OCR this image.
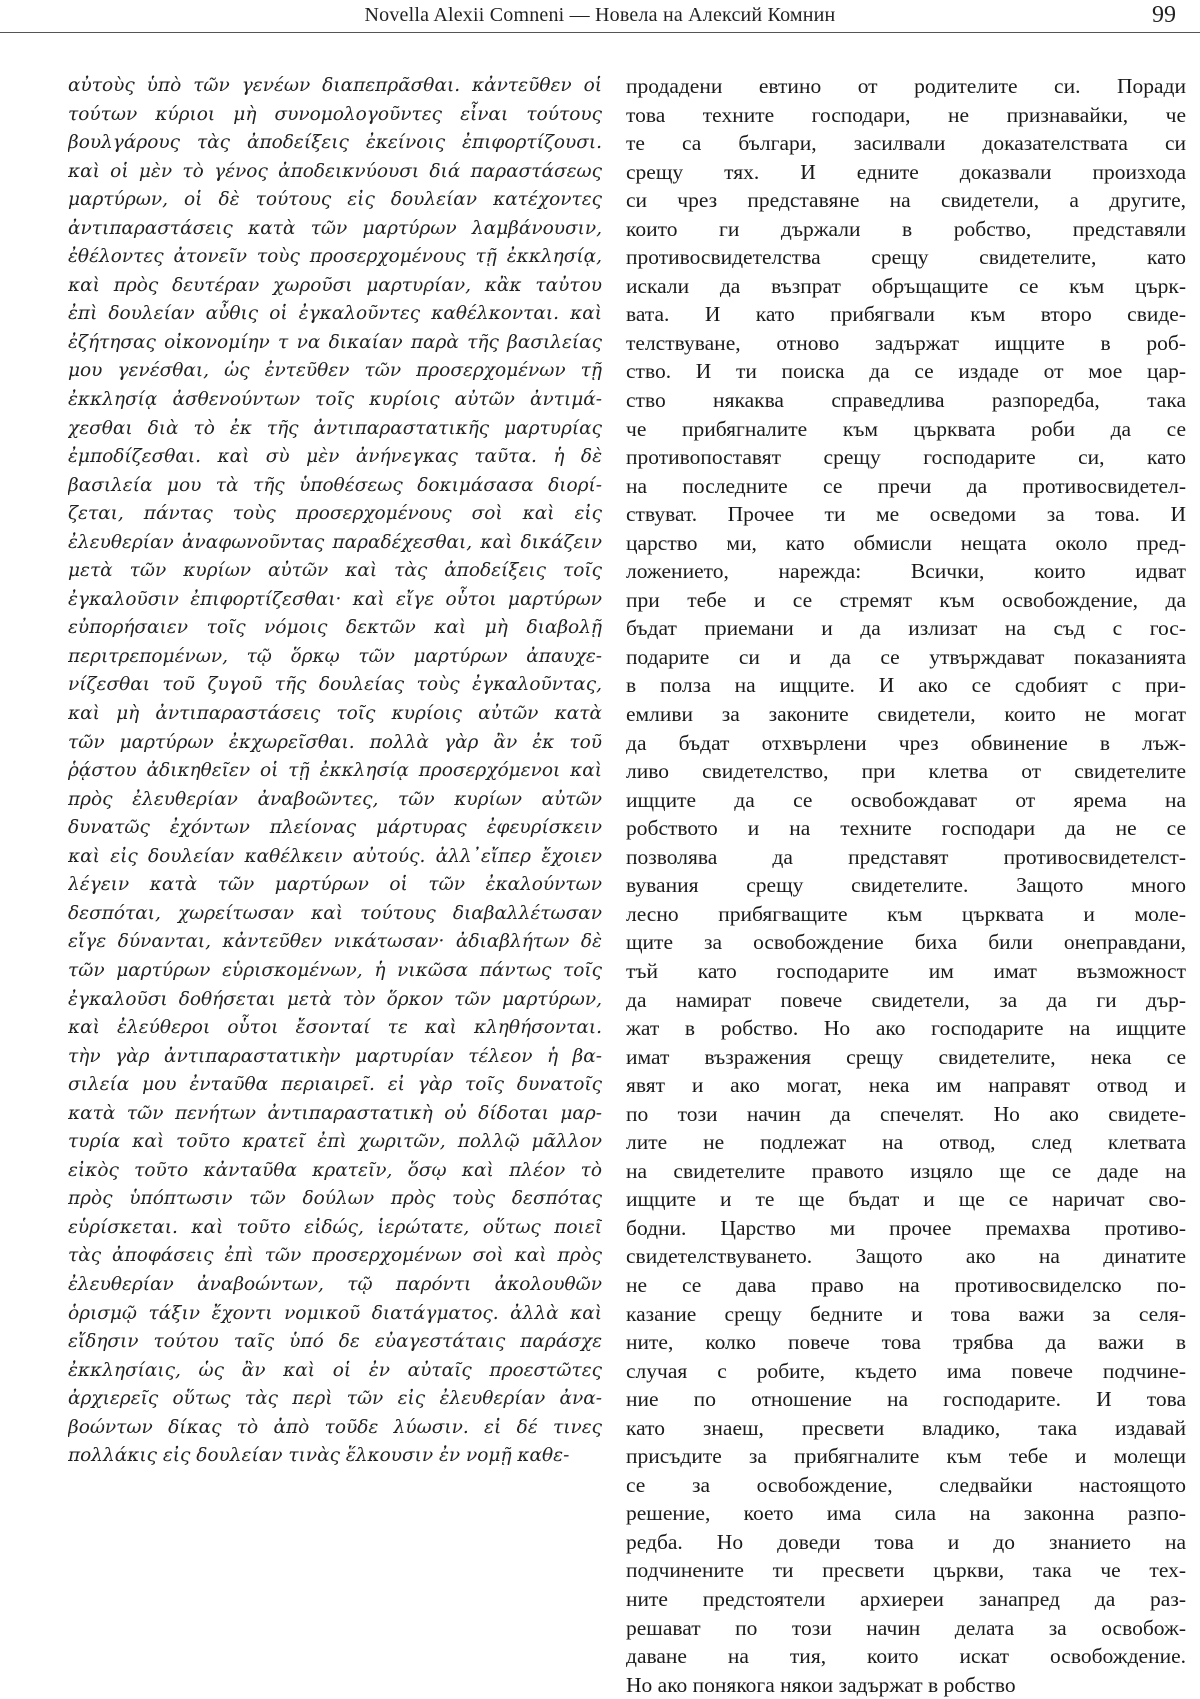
Novella Alexii Comneni — Новела на Алексий Комнин	99
αὐτοὺς ὑπὸ τῶν γενέων διαπεπρᾶσθαι. κἀντεῦθεν οἱ
τούτων κύριοι μὴ συνομολογοῦντες εἶναι τούτους
βουλγάρους τὰς ἀποδείξεις ἐκείνοις ἐπιφορτίζουσι.
καὶ οἱ μὲν τὸ γένος ἀποδεικνύουσι διά παραστάσεως
μαρτύρων, οἱ δὲ τούτους εἰς δουλείαν κατέχοντες
ἀντιπαραστάσεις κατὰ τῶν μαρτύρων λαμβάνουσιν,
ἐθέλοντες ἀτονεῖν τοὺς προσερχομένους τῇ ἐκκλησίᾳ,
καὶ πρὸς δευτέραν χωροῦσι μαρτυρίαν, κἂκ ταὐτου
ἐπὶ δουλείαν αὖθις οἱ ἐγκαλοῦντες καθέλκονται. καὶ
ἐζήτησας οἰκονομίην τ να δικαίαν παρὰ τῆς βασιλείας
μου γενέσθαι, ὡς ἐντεῦθεν τῶν προσερχομένων τῇ
ἐκκλησίᾳ ἀσθενούντων τοῖς κυρίοις αὐτῶν ἀντιμά-
χεσθαι διὰ τὸ ἐκ τῆς ἀντιπαραστατικῆς μαρτυρίας
ἐμποδίζεσθαι. καὶ σὺ μὲν ἀνήνεγκας ταῦτα. ἡ δὲ
βασιλεία μου τὰ τῆς ὑποθέσεως δοκιμάσασα διορί-
ζεται, πάντας τοὺς προσερχομένους σοὶ καὶ εἰς
ἐλευθερίαν ἀναφωνοῦντας παραδέχεσθαι, καὶ δικάζειν
μετὰ τῶν κυρίων αὐτῶν καὶ τὰς ἀποδείξεις τοῖς
ἐγκαλοῦσιν ἐπιφορτίζεσθαι· καὶ εἴγε οὗτοι μαρτύρων
εὐπορήσαιεν τοῖς νόμοις δεκτῶν καὶ μὴ διαβολῇ
περιτρεπομένων, τῷ ὅρκῳ τῶν μαρτύρων ἀπαυχε-
νίζεσθαι τοῦ ζυγοῦ τῆς δουλείας τοὺς ἐγκαλοῦντας,
καὶ μὴ ἀντιπαραστάσεις τοῖς κυρίοις αὐτῶν κατὰ
τῶν μαρτύρων ἐκχωρεῖσθαι. πολλὰ γὰρ ἂν ἐκ τοῦ
ῥᾴστου ἀδικηθεῖεν οἱ τῇ ἐκκλησίᾳ προσερχόμενοι καὶ
πρὸς ἐλευθερίαν ἀναβοῶντες, τῶν κυρίων αὐτῶν
δυνατῶς ἐχόντων πλείονας μάρτυρας ἐφευρίσκειν
καὶ εἰς δουλείαν καθέλκειν αὐτούς. ἀλλ᾽εἴπερ ἔχοιεν
λέγειν κατὰ τῶν μαρτύρων οἱ τῶν ἐκαλούντων
δεσπόται, χωρείτωσαν καὶ τούτους διαβαλλέτωσαν
εἴγε δύνανται, κἀντεῦθεν νικάτωσαν· ἀδιαβλήτων δὲ
τῶν μαρτύρων εὑρισκομένων, ἡ νικῶσα πάντως τοῖς
ἐγκαλοῦσι δοθήσεται μετὰ τὸν ὅρκον τῶν μαρτύρων,
καὶ ἐλεύθεροι οὗτοι ἔσονταί τε καὶ κληθήσονται.
τὴν γὰρ ἀντιπαραστατικὴν μαρτυρίαν τέλεον ἡ βα-
σιλεία μου ἐνταῦθα περιαιρεῖ. εἰ γὰρ τοῖς δυνατοῖς
κατὰ τῶν πενήτων ἀντιπαραστατικὴ οὐ δίδοται μαρ-
τυρία καὶ τοῦτο κρατεῖ ἐπὶ χωριτῶν, πολλῷ μᾶλλον
εἰκὸς τοῦτο κἀνταῦθα κρατεῖν, ὅσῳ καὶ πλέον τὸ
πρὸς ὑπόπτωσιν τῶν δούλων πρὸς τοὺς δεσπότας
εὑρίσκεται. καὶ τοῦτο εἰδώς, ἱερώτατε, οὕτως ποιεῖ
τὰς ἀποφάσεις ἐπὶ τῶν προσερχομένων σοὶ καὶ πρὸς
ἐλευθερίαν ἀναβοώντων, τῷ παρόντι ἀκολουθῶν
ὁρισμῷ τάξιν ἔχοντι νομικοῦ διατάγματος. ἀλλὰ καὶ
εἴδησιν τούτου ταῖς ὑπό δε εὐαγεστάταις παράσχε
ἐκκλησίαις, ὡς ἂν καὶ οἱ ἐν αὐταῖς προεστῶτες
ἀρχιερεῖς οὕτως τὰς περὶ τῶν εἰς ἐλευθερίαν ἀνα-
βοώντων δίκας τὸ ἀπὸ τοῦδε λύωσιν. εἰ δέ τινες
πολλάκις εἰς δουλείαν τινὰς ἕλκουσιν ἐν νομῇ καθε-
продадени евтино от родителите си. Поради
това техните господари, не признавайки, че
те са българи, засилвали доказателствата си
срещу тях. И едните доказвали произхода
си чрез представяне на свидетели, а другите,
които ги държали в робство, представяли
противосвидетелства срещу свидетелите, като
искали да възпрат обръщащите се към църк-
вата. И като прибягвали към второ свиде-
телствуване, отново задържат ищците в роб-
ство. И ти поиска да се издаде от мое цар-
ство някаква справедлива разпоредба, така
че прибягналите към църквата роби да се
противопоставят срещу господарите си, като
на последните се пречи да противосвидетел-
ствуват. Прочее ти ме осведоми за това. И
царство ми, като обмисли нещата около пред-
ложението, нарежда: Всички, които идват
при тебе и се стремят към освобождение, да
бъдат приемани и да излизат на съд с гос-
подарите си и да се утвърждават показанията
в полза на ищците. И ако се сдобият с при-
емливи за законите свидетели, които не могат
да бъдат отхвърлени чрез обвинение в лъж-
ливо свидетелство, при клетва от свидетелите
ищците да се освобождават от ярема на
робството и на техните господари да не се
позволява да представят противосвидетелст-
вувания срещу свидетелите. Защото много
лесно прибягващите към църквата и моле-
щите за освобождение биха били онеправдани,
тъй като господарите им имат възможност
да намират повече свидетели, за да ги дър-
жат в робство. Но ако господарите на ищците
имат възражения срещу свидетелите, нека се
явят и ако могат, нека им направят отвод и
по този начин да спечелят. Но ако свидете-
лите не подлежат на отвод, след клетвата
на свидетелите правото изцяло ще се даде на
ищците и те ще бъдат и ще се наричат сво-
бодни. Царство ми прочее премахва противо-
свидетелствуването. Защото ако на динатите
не се дава право на противосвиделско по-
казание срещу бедните и това важи за селя-
ните, колко повече това трябва да важи в
случая с робите, където има повече подчине-
ние по отношение на господарите. И това
като знаеш, пресвети владико, така издавай
присъдите за прибягналите към тебе и молещи
се за освобождение, следвайки настоящото
решение, което има сила на законна разпо-
редба. Но доведи това и до знанието на
подчинените ти пресвети църкви, така че тех-
ните предстоятели архиереи занапред да раз-
решават по този начин делата за освобож-
даване на тия, които искат освобождение.
Но ако понякога някои задържат в робство
